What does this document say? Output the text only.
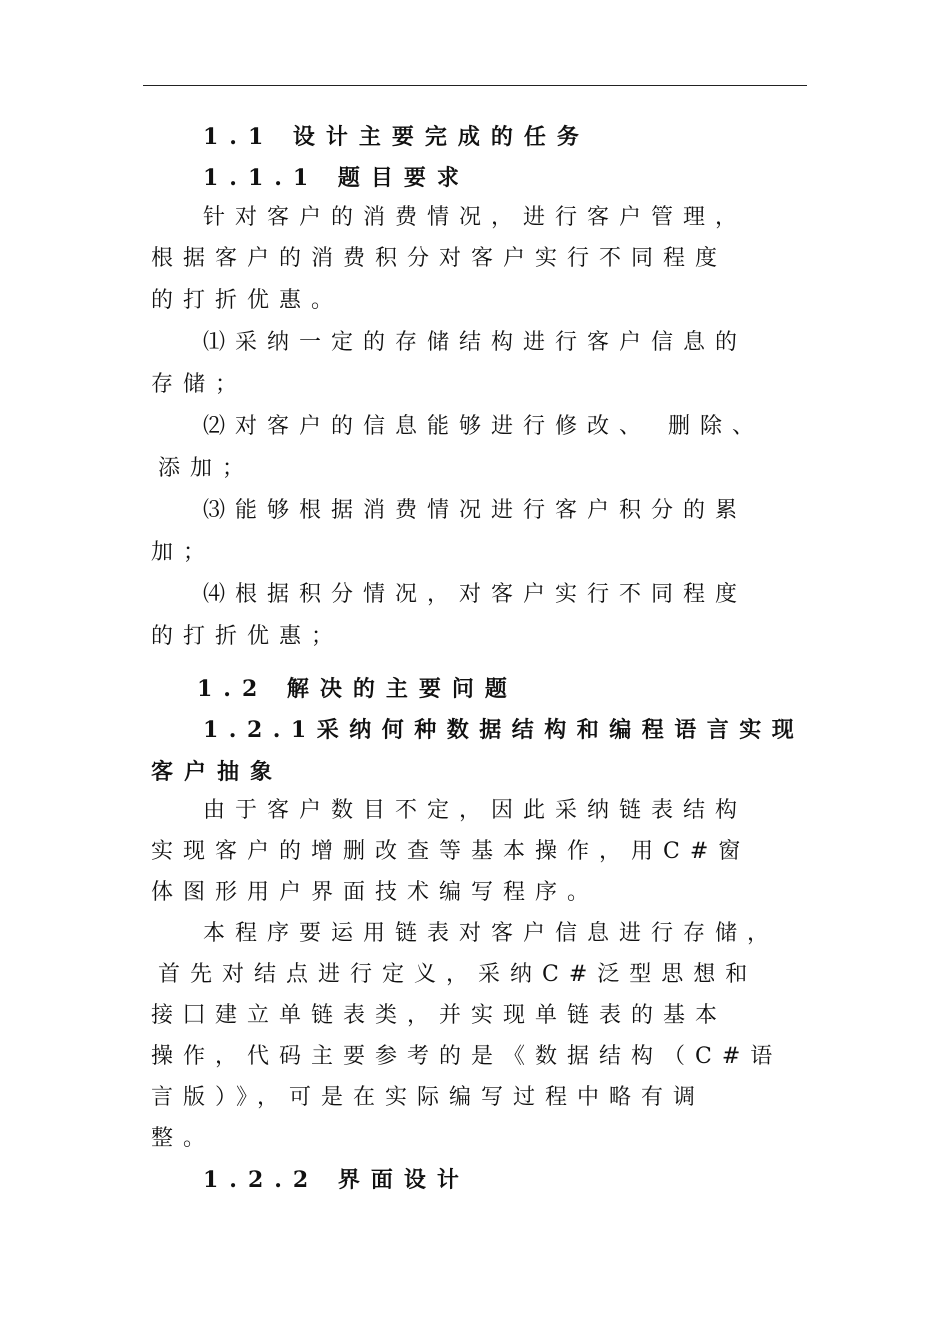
1.1 设计主要完成的任务
1.1.1 题目要求
针对客户的消费情况，进行客户管理，
根据客户的消费积分对客户实行不同程度
的打折优惠。
⑴采纳一定的存储结构进行客户信息的
存储；
⑵对客户的信息能够进行修改、 删除、
添加；
⑶能够根据消费情况进行客户积分的累
加；
⑷根据积分情况，对客户实行不同程度
的打折优惠；
1.2 解决的主要问题
1.2.1采纳何种数据结构和编程语言实现
客户抽象
由于客户数目不定，因此采纳链表结构
实现客户的增删改查等基本操作，用C#窗
体图形用户界面技术编写程序。
本程序要运用链表对客户信息进行存储，
首先对结点进行定义，采纳C#泛型思想和
接囗建立单链表类，并实现单链表的基本
操作，代码主要参考的是《数据结构（C#语
言版）》，可是在实际编写过程中略有调
整。
1.2.2 界面设计
